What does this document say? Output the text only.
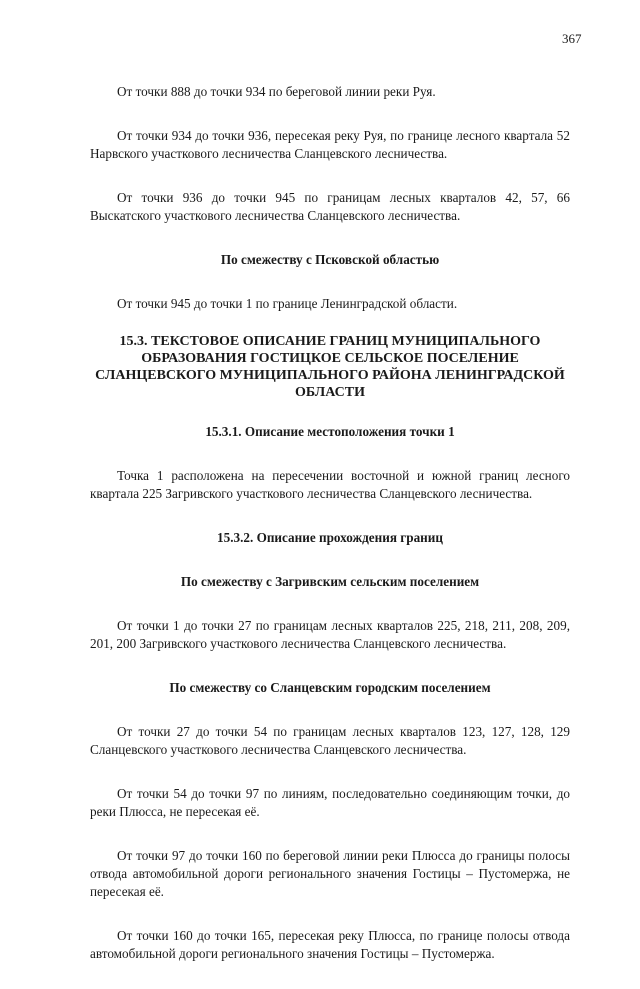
367

От точки 888 до точки 934 по береговой линии реки Руя.

От точки 934 до точки 936, пересекая реку Руя, по границе лесного квартала 52 Нарвского участкового лесничества Сланцевского лесничества.

От точки 936 до точки 945 по границам лесных кварталов 42, 57, 66 Выскатского участкового лесничества Сланцевского лесничества.

По смежеству с Псковской областью

От точки 945 до точки 1 по границе Ленинградской области.

15.3. ТЕКСТОВОЕ ОПИСАНИЕ ГРАНИЦ МУНИЦИПАЛЬНОГО ОБРАЗОВАНИЯ ГОСТИЦКОЕ СЕЛЬСКОЕ ПОСЕЛЕНИЕ СЛАНЦЕВСКОГО МУНИЦИПАЛЬНОГО РАЙОНА ЛЕНИНГРАДСКОЙ ОБЛАСТИ

15.3.1. Описание местоположения точки 1

Точка 1 расположена на пересечении восточной и южной границ лесного квартала 225 Загривского участкового лесничества Сланцевского лесничества.

15.3.2. Описание прохождения границ

По смежеству с Загривским сельским поселением

От точки 1 до точки 27 по границам лесных кварталов 225, 218, 211, 208, 209, 201, 200 Загривского участкового лесничества Сланцевского лесничества.

По смежеству со Сланцевским городским поселением

От точки 27 до точки 54 по границам лесных кварталов 123, 127, 128, 129 Сланцевского участкового лесничества Сланцевского лесничества.

От точки 54 до точки 97 по линиям, последовательно соединяющим точки, до реки Плюсса, не пересекая её.

От точки 97 до точки 160 по береговой линии реки Плюсса до границы полосы отвода автомобильной дороги регионального значения Гостицы – Пустомержа, не пересекая её.

От точки 160 до точки 165, пересекая реку Плюсса, по границе полосы отвода автомобильной дороги регионального значения Гостицы – Пустомержа.
